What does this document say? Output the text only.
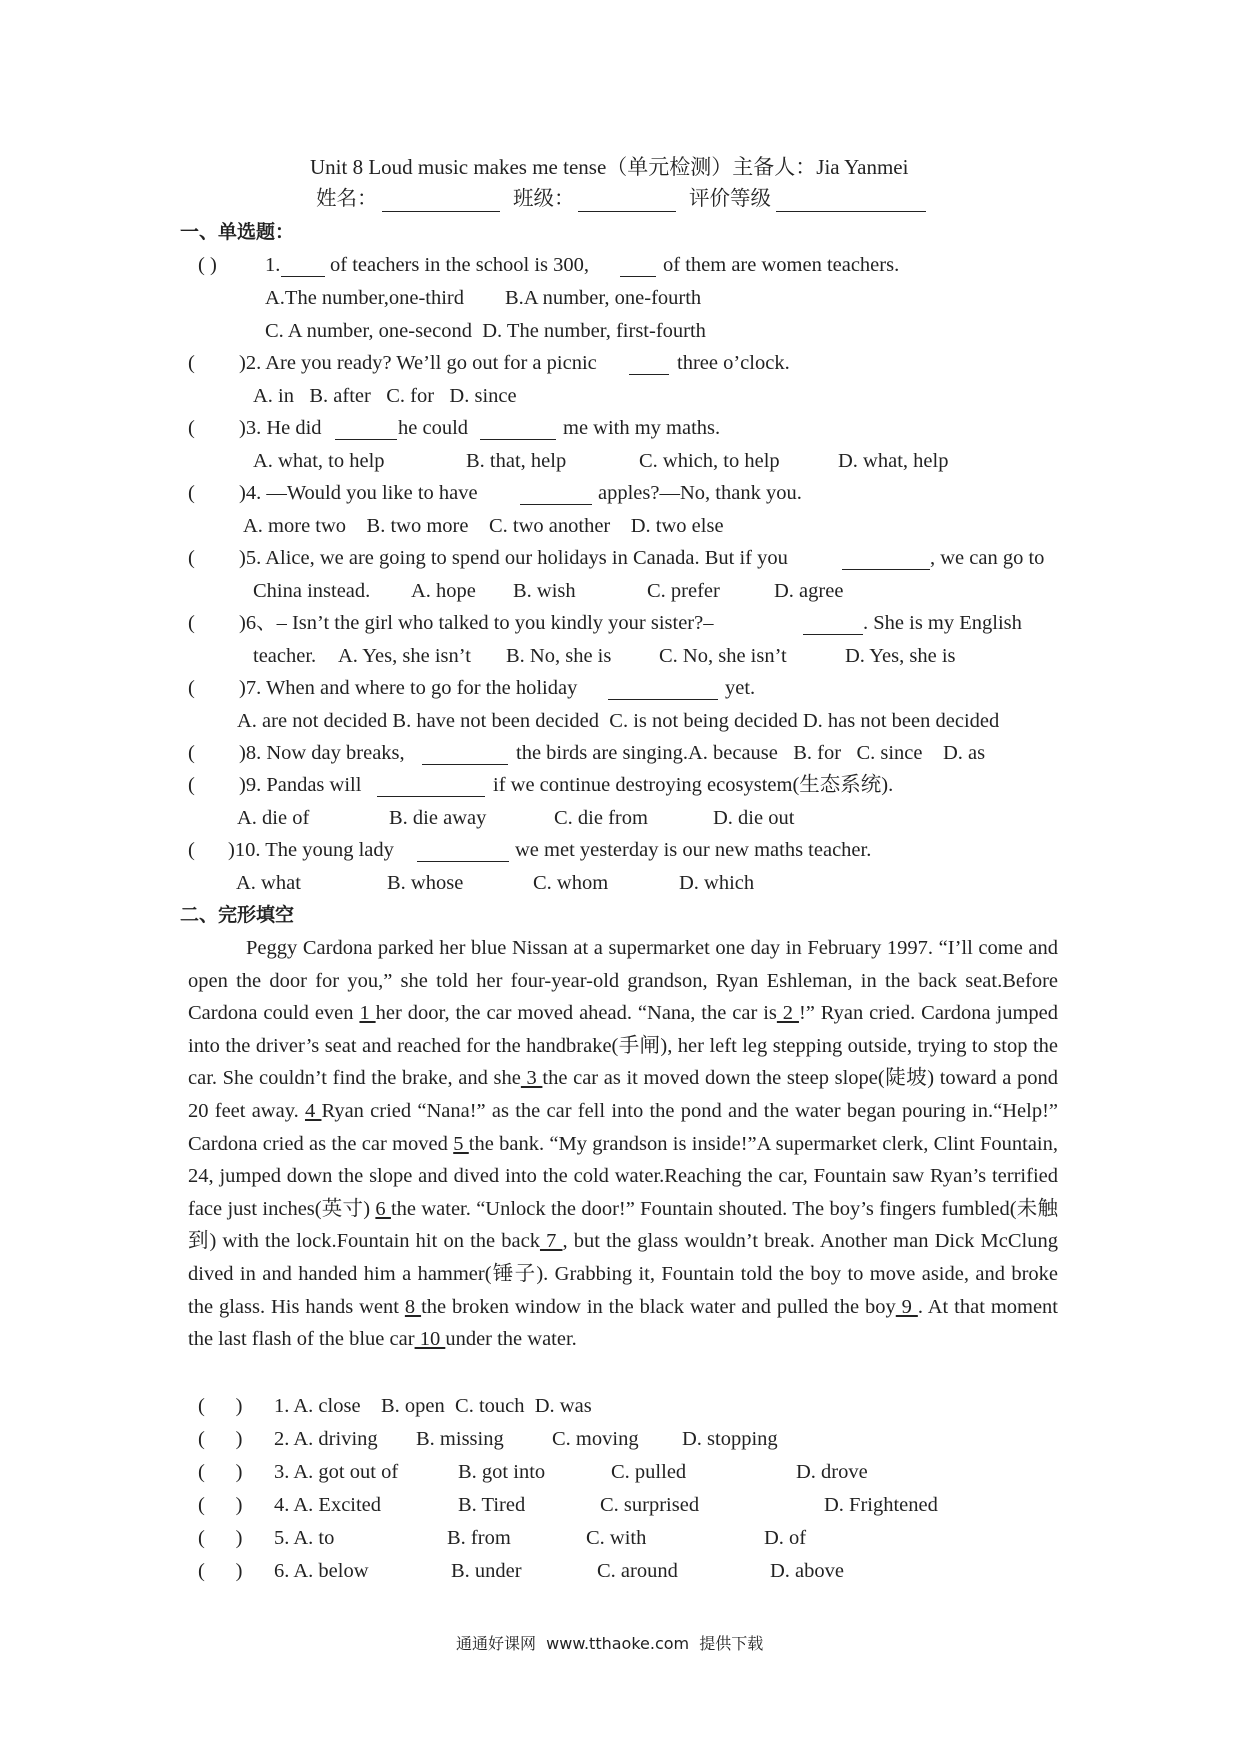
Unit 8 Loud music makes me tense（单元检测）主备人：Jia Yanmei
姓名：	班级：	评价等级
一、单选题：
( ) 1. of teachers in the school is 300,	of them are women teachers.
A.The number,one-third        B.A number, one-fourth
C. A number, one-second  D. The number, first-fourth
( )2. Are you ready? We’ll go out for a picnic	three o’clock.
A. in   B. after   C. for   D. since
( )3. He did	he could	me with my maths.
A. what, to help	B. that, help	C. which, to help	D. what, help
( )4. —Would you like to have	apples?—No, thank you.
A. more two    B. two more    C. two another    D. two else
( )5. Alice, we are going to spend our holidays in Canada. But if you	, we can go to
China instead. A. hope B. wish	C. prefer	D. agree
( )6、– Isn’t the girl who talked to you kindly your sister?–	. She is my English
teacher. A. Yes, she isn’t B. No, she is C. No, she isn’t	D. Yes, she is
( )7. When and where to go for the holiday	yet.
A. are not decided B. have not been decided  C. is not being decided D. has not been decided
( )8. Now day breaks,	the birds are singing.A. because   B. for   C. since    D. as
( )9. Pandas will	if we continue destroying ecosystem(生态系统).
A. die of	B. die away	C. die from	D. die out
( )10. The young lady	we met yesterday is our new maths teacher.
A. what	B. whose	C. whom	D. which
二、完形填空

Peggy Cardona parked her blue Nissan at a supermarket one day in February 1997. “I’ll come and open the door for you,” she told her four-year-old grandson, Ryan Eshleman, in the back seat.Before Cardona could even 1 her door, the car moved ahead. “Nana, the car is 2 !” Ryan cried. Cardona jumped into the driver’s seat and reached for the handbrake(手闸), her left leg stepping outside, trying to stop the car. She couldn’t find the brake, and she 3 the car as it moved down the steep slope(陡坡) toward a pond 20 feet away. 4 Ryan cried “Nana!” as the car fell into the pond and the water began pouring in.“Help!” Cardona cried as the car moved 5 the bank. “My grandson is inside!”A supermarket clerk, Clint Fountain, 24, jumped down the slope and dived into the cold water.Reaching the car, Fountain saw Ryan’s terrified face just inches(英寸) 6 the water. “Unlock the door!” Fountain shouted. The boy’s fingers fumbled(未触到) with the lock.Fountain hit on the back 7 , but the glass wouldn’t break. Another man Dick McClung dived in and handed him a hammer(锤子). Grabbing it, Fountain told the boy to move aside, and broke the glass. His hands went 8 the broken window in the black water and pulled the boy 9 . At that moment the last flash of the blue car 10 under the water.

(      ) 1. A. close B. open  C. touch  D. was
(      ) 2. A. driving B. missing C. moving D. stopping
(      ) 3. A. got out of	B. got into	C. pulled	D. drove
(      ) 4. A. Excited	B. Tired	C. surprised	D. Frightened
(      ) 5. A. to	B. from	C. with	D. of
(      ) 6. A. below	B. under	C. around	D. above
通通好课网  www.tthaoke.com  提供下载
